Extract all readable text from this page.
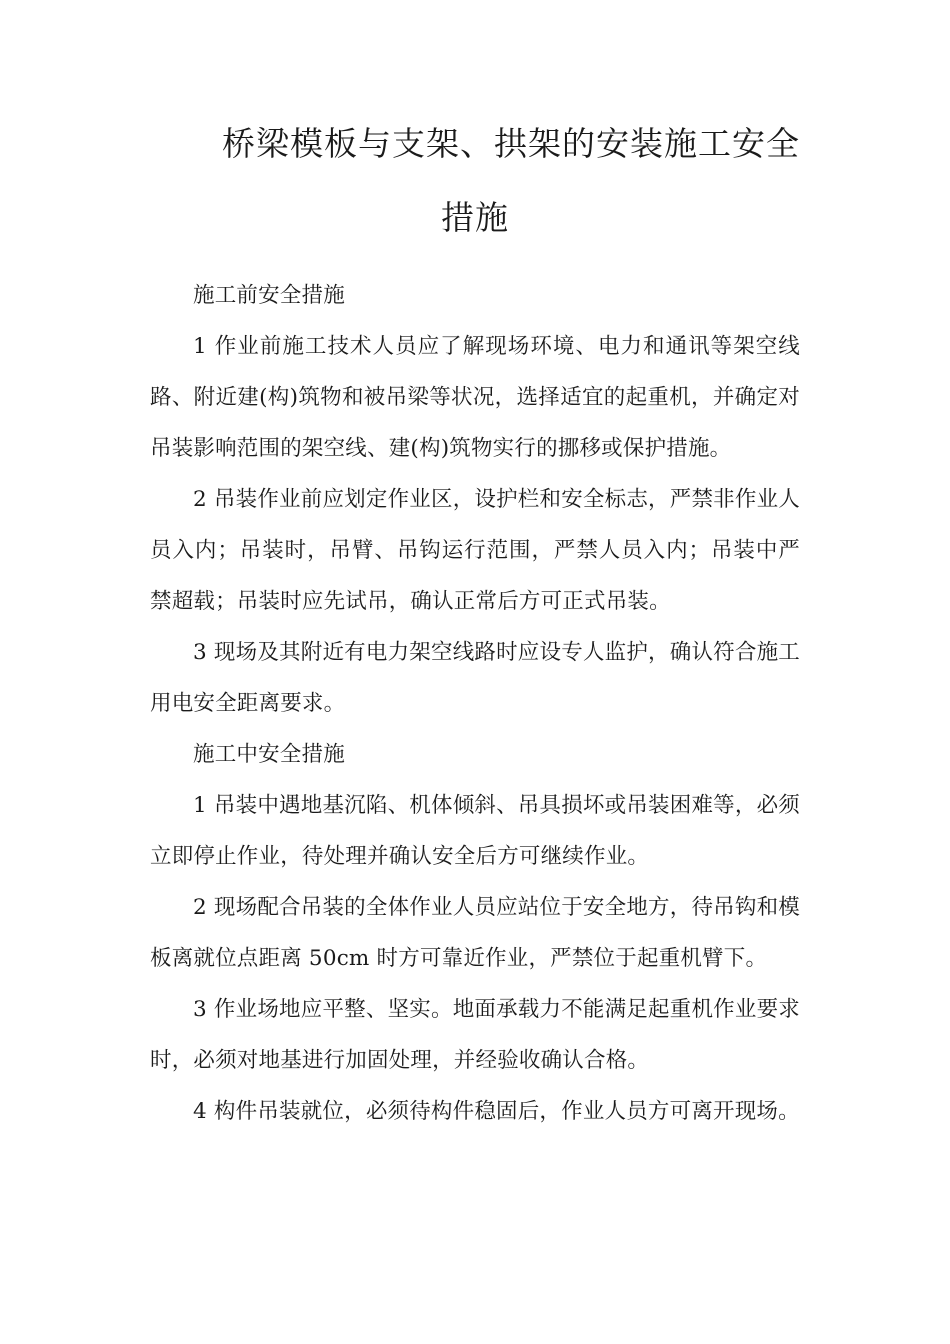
桥梁模板与支架、拱架的安装施工安全
措施

施工前安全措施

1 作业前施工技术人员应了解现场环境、电力和通讯等架空线路、附近建(构)筑物和被吊梁等状况，选择适宜的起重机，并确定对吊装影响范围的架空线、建(构)筑物实行的挪移或保护措施。

2 吊装作业前应划定作业区，设护栏和安全标志，严禁非作业人员入内；吊装时，吊臂、吊钩运行范围，严禁人员入内；吊装中严禁超载；吊装时应先试吊，确认正常后方可正式吊装。

3 现场及其附近有电力架空线路时应设专人监护，确认符合施工用电安全距离要求。

施工中安全措施

1 吊装中遇地基沉陷、机体倾斜、吊具损坏或吊装困难等，必须立即停止作业，待处理并确认安全后方可继续作业。

2 现场配合吊装的全体作业人员应站位于安全地方，待吊钩和模板离就位点距离 50cm 时方可靠近作业，严禁位于起重机臂下。

3 作业场地应平整、坚实。地面承载力不能满足起重机作业要求时，必须对地基进行加固处理，并经验收确认合格。

4 构件吊装就位，必须待构件稳固后，作业人员方可离开现场。
